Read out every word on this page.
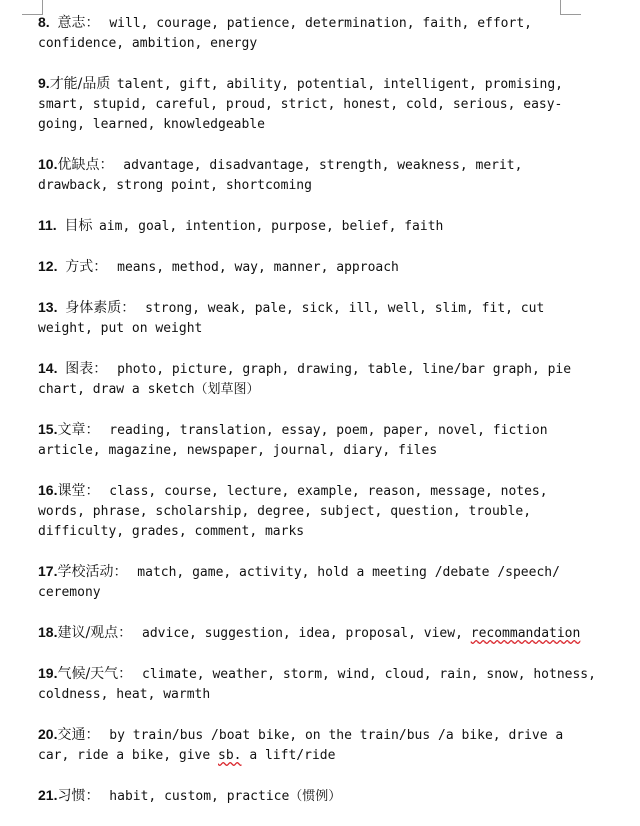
8. 意志： will, courage, patience, determination, faith, effort, confidence, ambition, energy

9.才能/品质 talent, gift, ability, potential, intelligent, promising, smart, stupid, careful, proud, strict, honest, cold, serious, easy-going, learned, knowledgeable

10.优缺点： advantage, disadvantage, strength, weakness, merit, drawback, strong point, shortcoming

11. 目标 aim, goal, intention, purpose, belief, faith

12. 方式： means, method, way, manner, approach

13. 身体素质： strong, weak, pale, sick, ill, well, slim, fit, cut weight, put on weight

14. 图表： photo, picture, graph, drawing, table, line/bar graph, pie chart, draw a sketch（划草图）

15.文章： reading, translation, essay, poem, paper, novel, fiction article, magazine, newspaper, journal, diary, files

16.课堂： class, course, lecture, example, reason, message, notes, words, phrase, scholarship, degree, subject, question, trouble, difficulty, grades, comment, marks

17.学校活动： match, game, activity, hold a meeting /debate /speech/ ceremony

18.建议/观点： advice, suggestion, idea, proposal, view, recommandation

19.气候/天气： climate, weather, storm, wind, cloud, rain, snow, hotness, coldness, heat, warmth

20.交通： by train/bus /boat bike, on the train/bus /a bike, drive a car, ride a bike, give sb. a lift/ride

21.习惯： habit, custom, practice（惯例）
